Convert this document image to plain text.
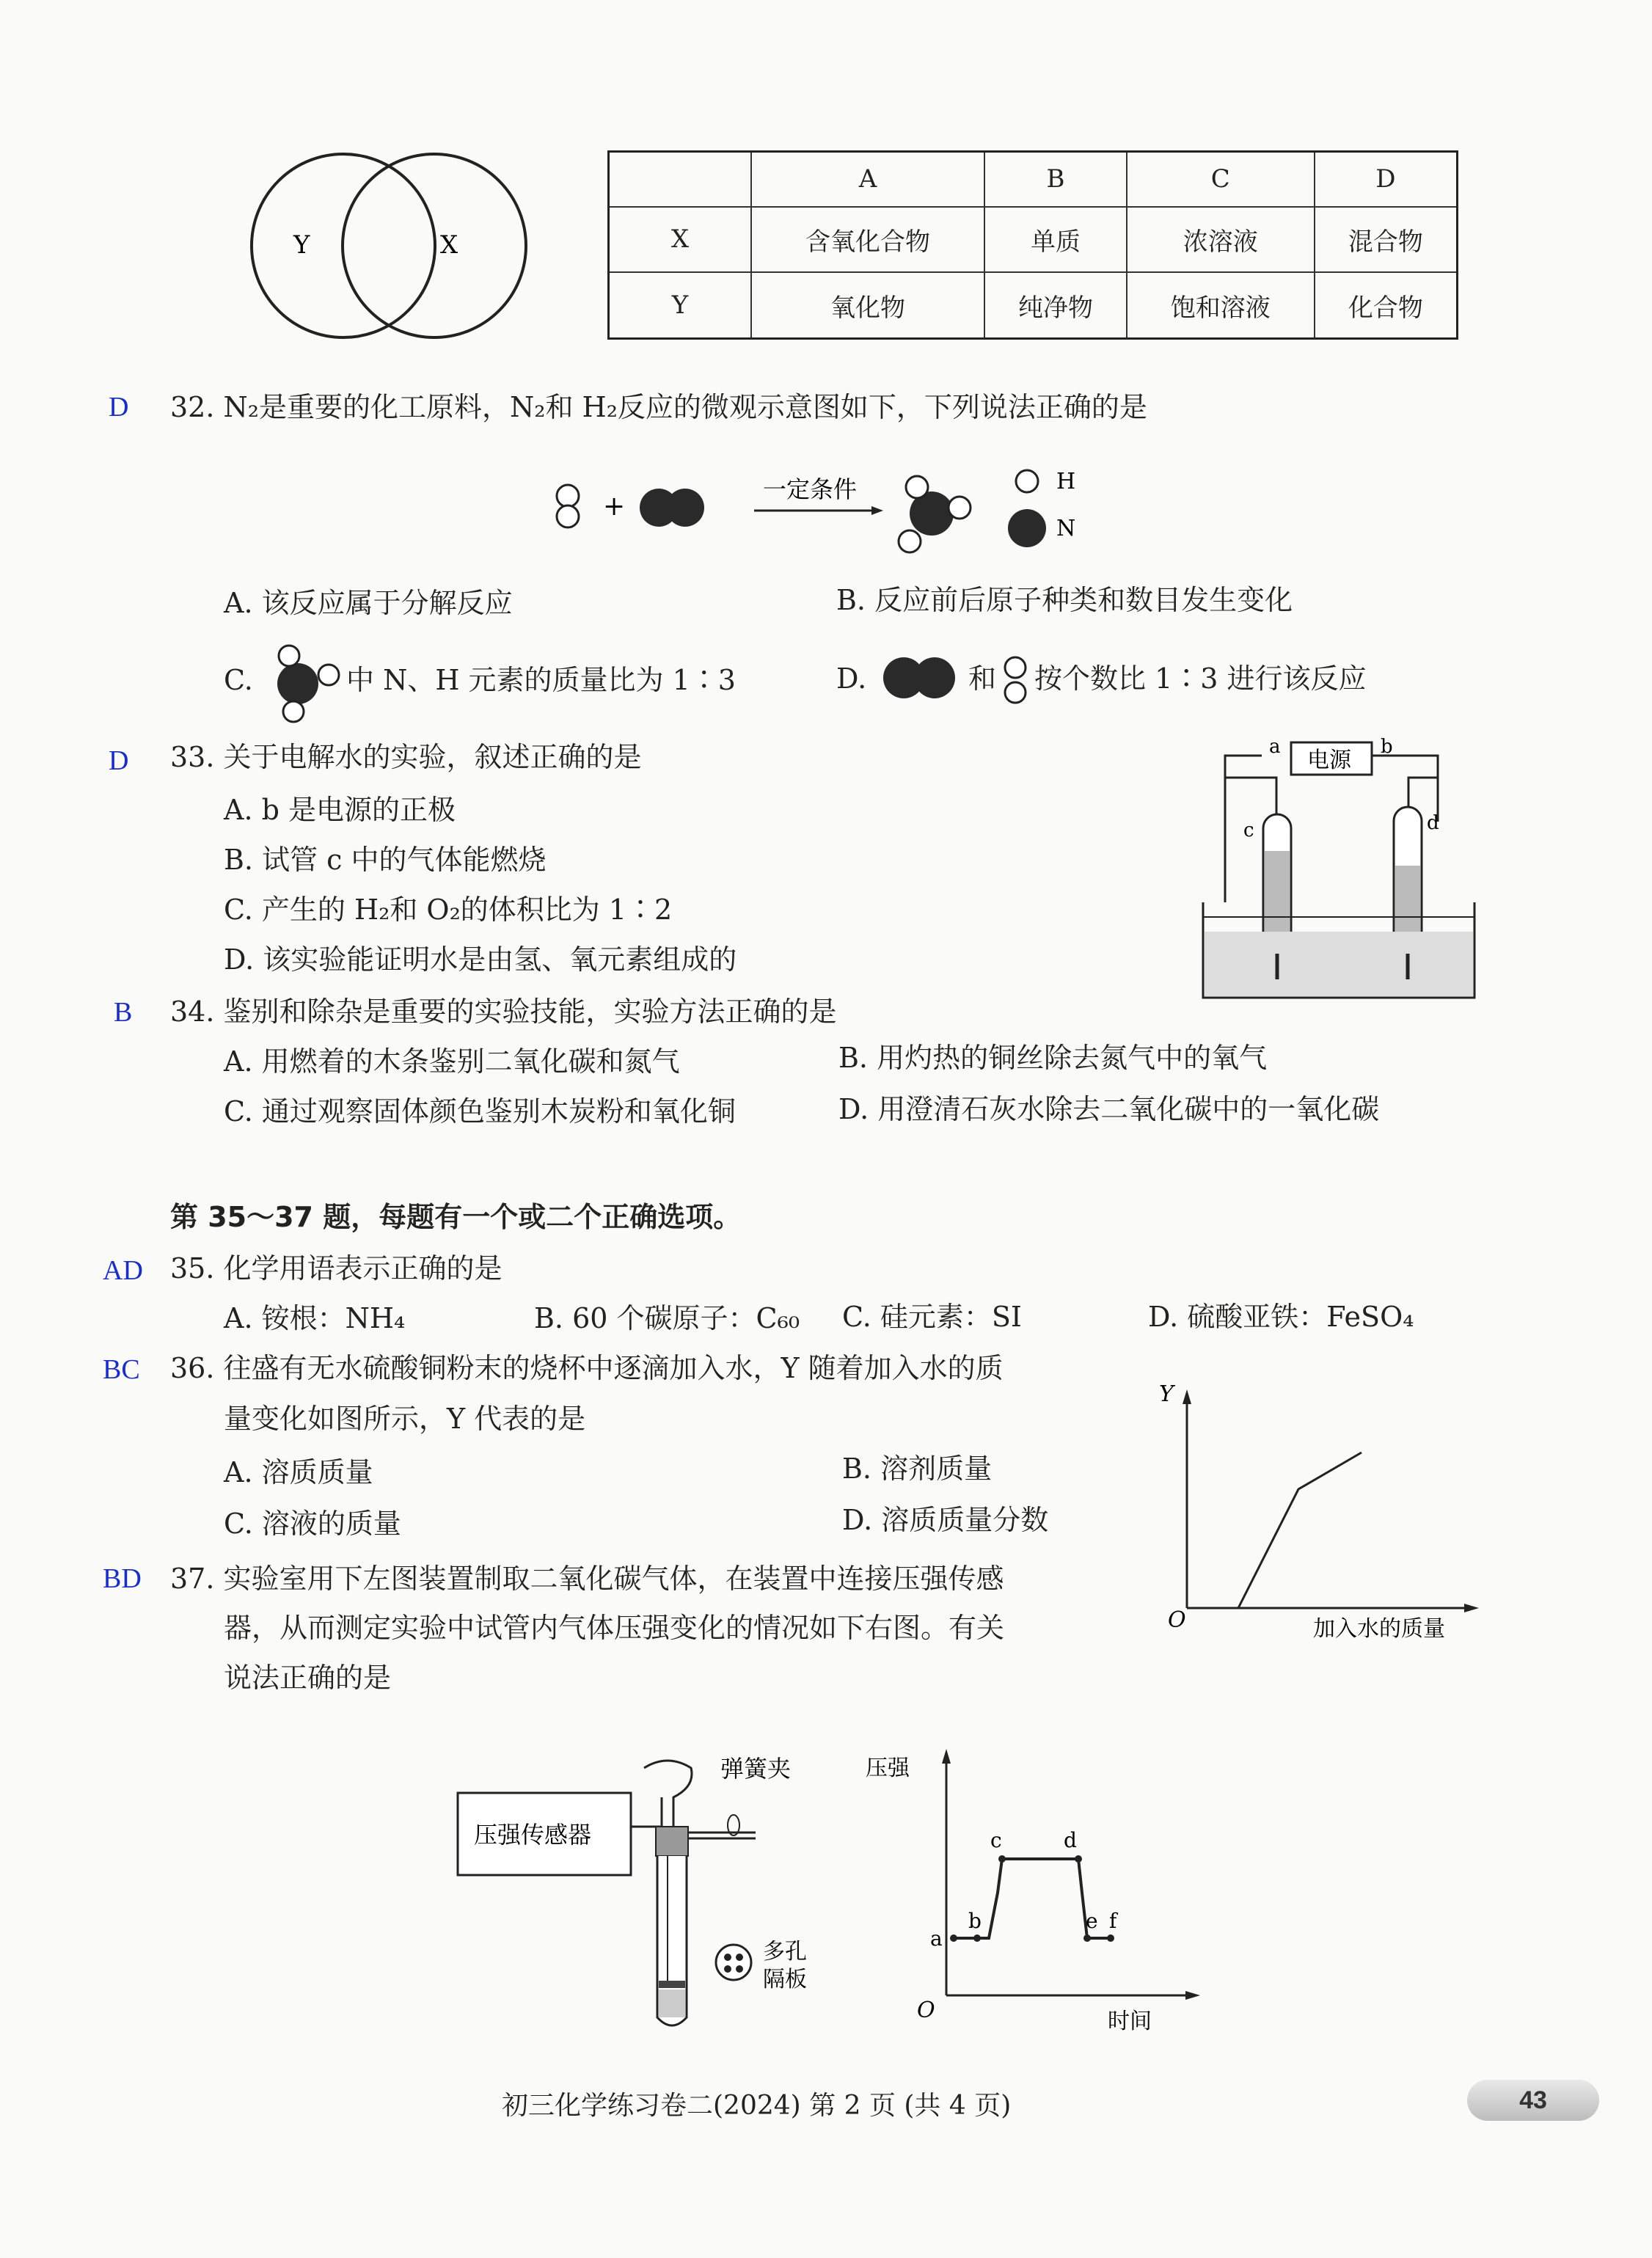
Y	X
	A	B	C	D
X	含氧化合物	单质	浓溶液	混合物
Y	氧化物	纯净物	饱和溶液	化合物
D 32. N₂是重要的化工原料，N₂和 H₂反应的微观示意图如下，下列说法正确的是
+
一定条件	H
N
A. 该反应属于分解反应	B. 反应前后原子种类和数目发生变化
C.	中 N、H 元素的质量比为 1∶3	D.	和 按个数比 1∶3 进行该反应
D 33. 关于电解水的实验，叙述正确的是
A. b 是电源的正极
B. 试管 c 中的气体能燃烧
C. 产生的 H₂和 O₂的体积比为 1∶2
D. 该实验能证明水是由氢、氧元素组成的
电源
a	b
c	d
B 34. 鉴别和除杂是重要的实验技能，实验方法正确的是
A. 用燃着的木条鉴别二氧化碳和氮气	B. 用灼热的铜丝除去氮气中的氧气
C. 通过观察固体颜色鉴别木炭粉和氧化铜	D. 用澄清石灰水除去二氧化碳中的一氧化碳
第 35～37 题，每题有一个或二个正确选项。
AD 35. 化学用语表示正确的是
A. 铵根：NH₄	B. 60 个碳原子：C₆₀ C. 硅元素：SI	D. 硫酸亚铁：FeSO₄
BC 36. 往盛有无水硫酸铜粉末的烧杯中逐滴加入水，Y 随着加入水的质
量变化如图所示，Y 代表的是
A. 溶质质量	B. 溶剂质量
C. 溶液的质量	D. 溶质质量分数
Y
O	加入水的质量
BD 37. 实验室用下左图装置制取二氧化碳气体，在装置中连接压强传感
器，从而测定实验中试管内气体压强变化的情况如下右图。有关
说法正确的是
压强传感器
弹簧夹
多孔
隔板
压强
a
b
c	d
e f
O	时间
初三化学练习卷二(2024) 第 2 页 (共 4 页)	43
